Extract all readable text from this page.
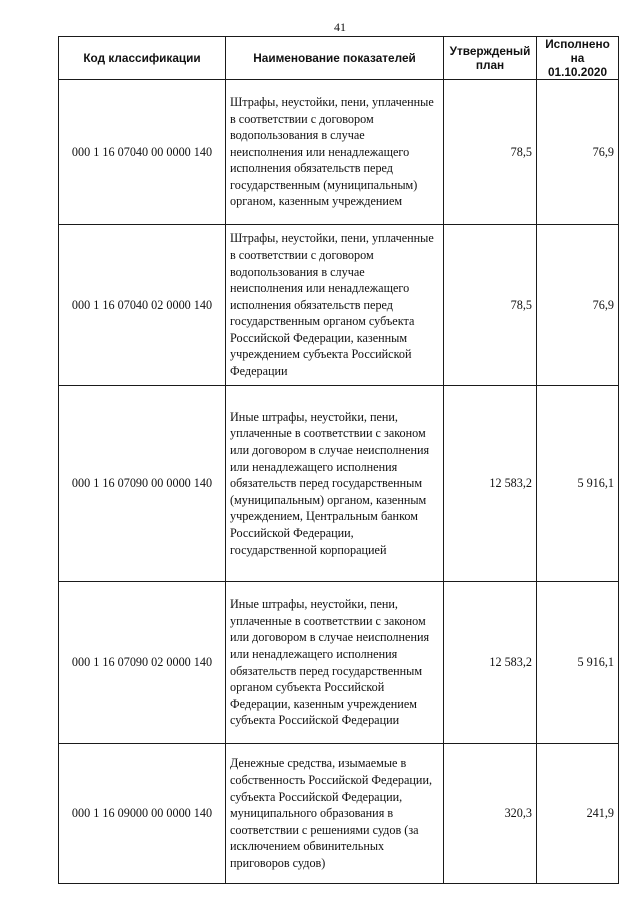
41
Код классификации	Наименование показателей	Утвержденый план	Исполнено на 01.10.2020
000 1 16 07040 00 0000 140	Штрафы, неустойки, пени, уплаченные в соответствии с договором водопользования в случае неисполнения или ненадлежащего исполнения обязательств перед государственным (муниципальным) органом, казенным учреждением	78,5	76,9
000 1 16 07040 02 0000 140	Штрафы, неустойки, пени, уплаченные в соответствии с договором водопользования в случае неисполнения или ненадлежащего исполнения обязательств перед государственным органом субъекта Российской Федерации, казенным учреждением субъекта Российской Федерации	78,5	76,9
000 1 16 07090 00 0000 140	Иные штрафы, неустойки, пени, уплаченные в соответствии с законом или договором в случае неисполнения или ненадлежащего исполнения обязательств перед государственным (муниципальным) органом, казенным учреждением, Центральным банком Российской Федерации, государственной корпорацией	12 583,2	5 916,1
000 1 16 07090 02 0000 140	Иные штрафы, неустойки, пени, уплаченные в соответствии с законом или договором в случае неисполнения или ненадлежащего исполнения обязательств перед государственным органом субъекта Российской Федерации, казенным учреждением субъекта Российской Федерации	12 583,2	5 916,1
000 1 16 09000 00 0000 140	Денежные средства, изымаемые в собственность Российской Федерации, субъекта Российской Федерации, муниципального образования в соответствии с решениями судов (за исключением обвинительных приговоров судов)	320,3	241,9
